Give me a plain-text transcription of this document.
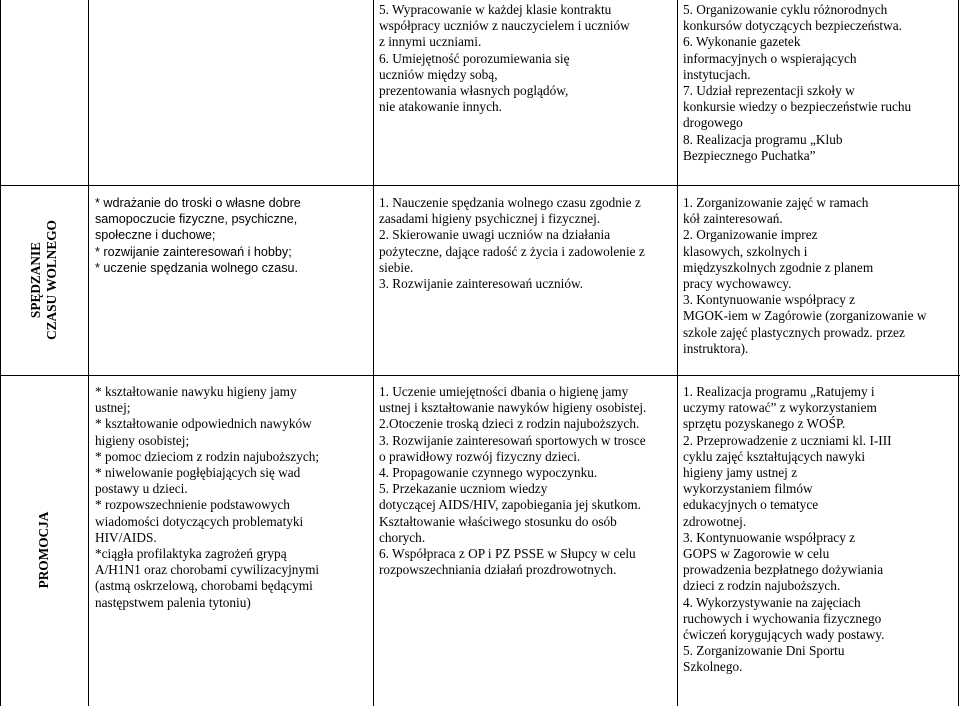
5. Wypracowanie w każdej klasie kontraktu
współpracy uczniów z nauczycielem i uczniów
z innymi uczniami.
6. Umiejętność porozumiewania się
uczniów między sobą,
prezentowania własnych poglądów,
nie atakowanie innych.
5. Organizowanie cyklu różnorodnych
konkursów dotyczących bezpieczeństwa.
6. Wykonanie gazetek
informacyjnych o wspierających
instytucjach.
7. Udział reprezentacji szkoły w
konkursie wiedzy o bezpieczeństwie ruchu
drogowego
8. Realizacja programu „Klub
Bezpiecznego Puchatka”
SPĘDZANIE CZASU WOLNEGO
* wdrażanie do troski o własne dobre
samopoczucie fizyczne, psychiczne,
społeczne i duchowe;
* rozwijanie zainteresowań i hobby;
* uczenie spędzania wolnego czasu.
1. Nauczenie spędzania wolnego czasu zgodnie z
zasadami higieny psychicznej i fizycznej.
2. Skierowanie uwagi uczniów na działania
pożyteczne, dające radość z życia i zadowolenie z
siebie.
3. Rozwijanie zainteresowań uczniów.
1. Zorganizowanie zajęć w ramach
kół zainteresowań.
2. Organizowanie imprez
klasowych, szkolnych i
międzyszkolnych zgodnie z planem
pracy wychowawcy.
3. Kontynuowanie współpracy z
MGOK-iem w Zagórowie (zorganizowanie w
szkole zajęć plastycznych prowadz. przez
instruktora).
PROMOCJA
* kształtowanie nawyku higieny jamy
ustnej;
* kształtowanie odpowiednich nawyków
higieny osobistej;
* pomoc dzieciom z rodzin najuboższych;
* niwelowanie pogłębiających się wad
postawy u dzieci.
* rozpowszechnienie podstawowych
wiadomości dotyczących problematyki
HIV/AIDS.
*ciągła profilaktyka zagrożeń grypą
A/H1N1 oraz chorobami cywilizacyjnymi
(astmą oskrzelową, chorobami będącymi
następstwem palenia tytoniu)
1. Uczenie umiejętności dbania o higienę jamy
ustnej i kształtowanie nawyków higieny osobistej.
2.Otoczenie troską dzieci z rodzin najuboższych.
3. Rozwijanie zainteresowań sportowych w trosce
o prawidłowy rozwój fizyczny dzieci.
4. Propagowanie czynnego wypoczynku.
5. Przekazanie uczniom wiedzy
dotyczącej AIDS/HIV, zapobiegania jej skutkom.
Kształtowanie właściwego stosunku do osób
chorych.
6. Współpraca z OP i PZ PSSE w Słupcy w celu
rozpowszechniania działań prozdrowotnych.
1. Realizacja programu „Ratujemy i
uczymy ratować” z wykorzystaniem
sprzętu pozyskanego z WOŚP.
2. Przeprowadzenie z uczniami kl. I-III
cyklu zajęć kształtujących nawyki
higieny jamy ustnej z
wykorzystaniem filmów
edukacyjnych o tematyce
zdrowotnej.
3. Kontynuowanie współpracy z
GOPS w Zagorowie w celu
prowadzenia bezpłatnego dożywiania
dzieci z rodzin najuboższych.
4. Wykorzystywanie na zajęciach
ruchowych i wychowania fizycznego
ćwiczeń korygujących wady postawy.
5. Zorganizowanie Dni Sportu
Szkolnego.
